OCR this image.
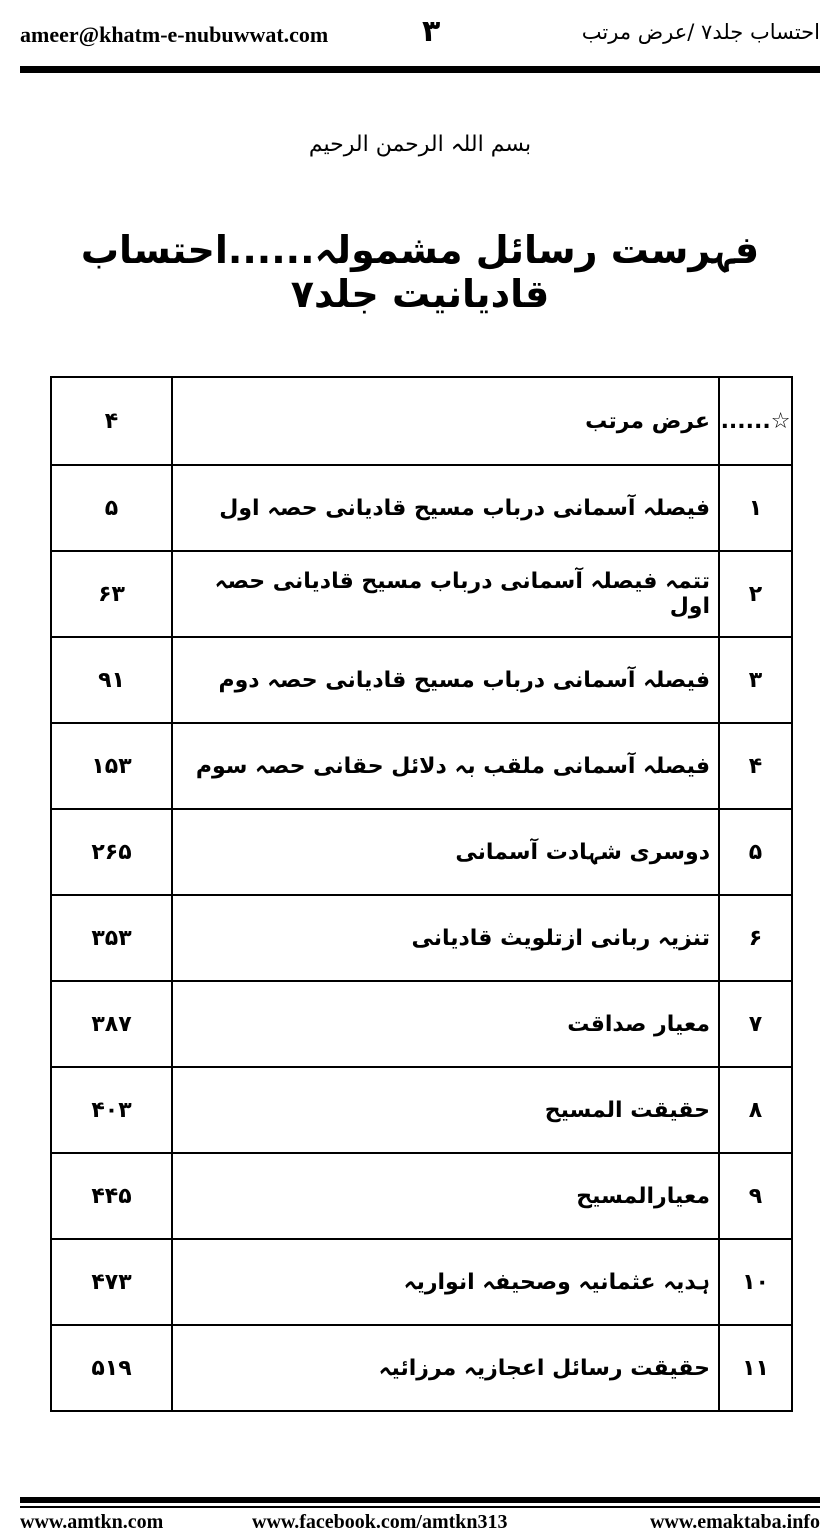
ameer@khatm-e-nubuwwat.com	۳	احتساب جلد۷ /عرض مرتب
بسم اللہ الرحمن الرحیم
فہرست رسائل مشمولہ......احتساب قادیانیت جلد۷
۴	عرض مرتب	☆......
۵	فیصلہ آسمانی درباب مسیح قادیانی حصہ اول	۱
۶۳	تتمہ فیصلہ آسمانی درباب مسیح قادیانی حصہ اول	۲
۹۱	فیصلہ آسمانی درباب مسیح قادیانی حصہ دوم	۳
۱۵۳	فیصلہ آسمانی ملقب بہ دلائل حقانی حصہ سوم	۴
۲۶۵	دوسری شہادت آسمانی	۵
۳۵۳	تنزیہ ربانی ازتلویث قادیانی	۶
۳۸۷	معیار صداقت	۷
۴۰۳	حقیقت المسیح	۸
۴۴۵	معیارالمسیح	۹
۴۷۳	ہدیہ عثمانیہ وصحیفہ انواریہ	۱۰
۵۱۹	حقیقت رسائل اعجازیہ مرزائیہ	۱۱
www.amtkn.com	www.facebook.com/amtkn313	www.emaktaba.info
